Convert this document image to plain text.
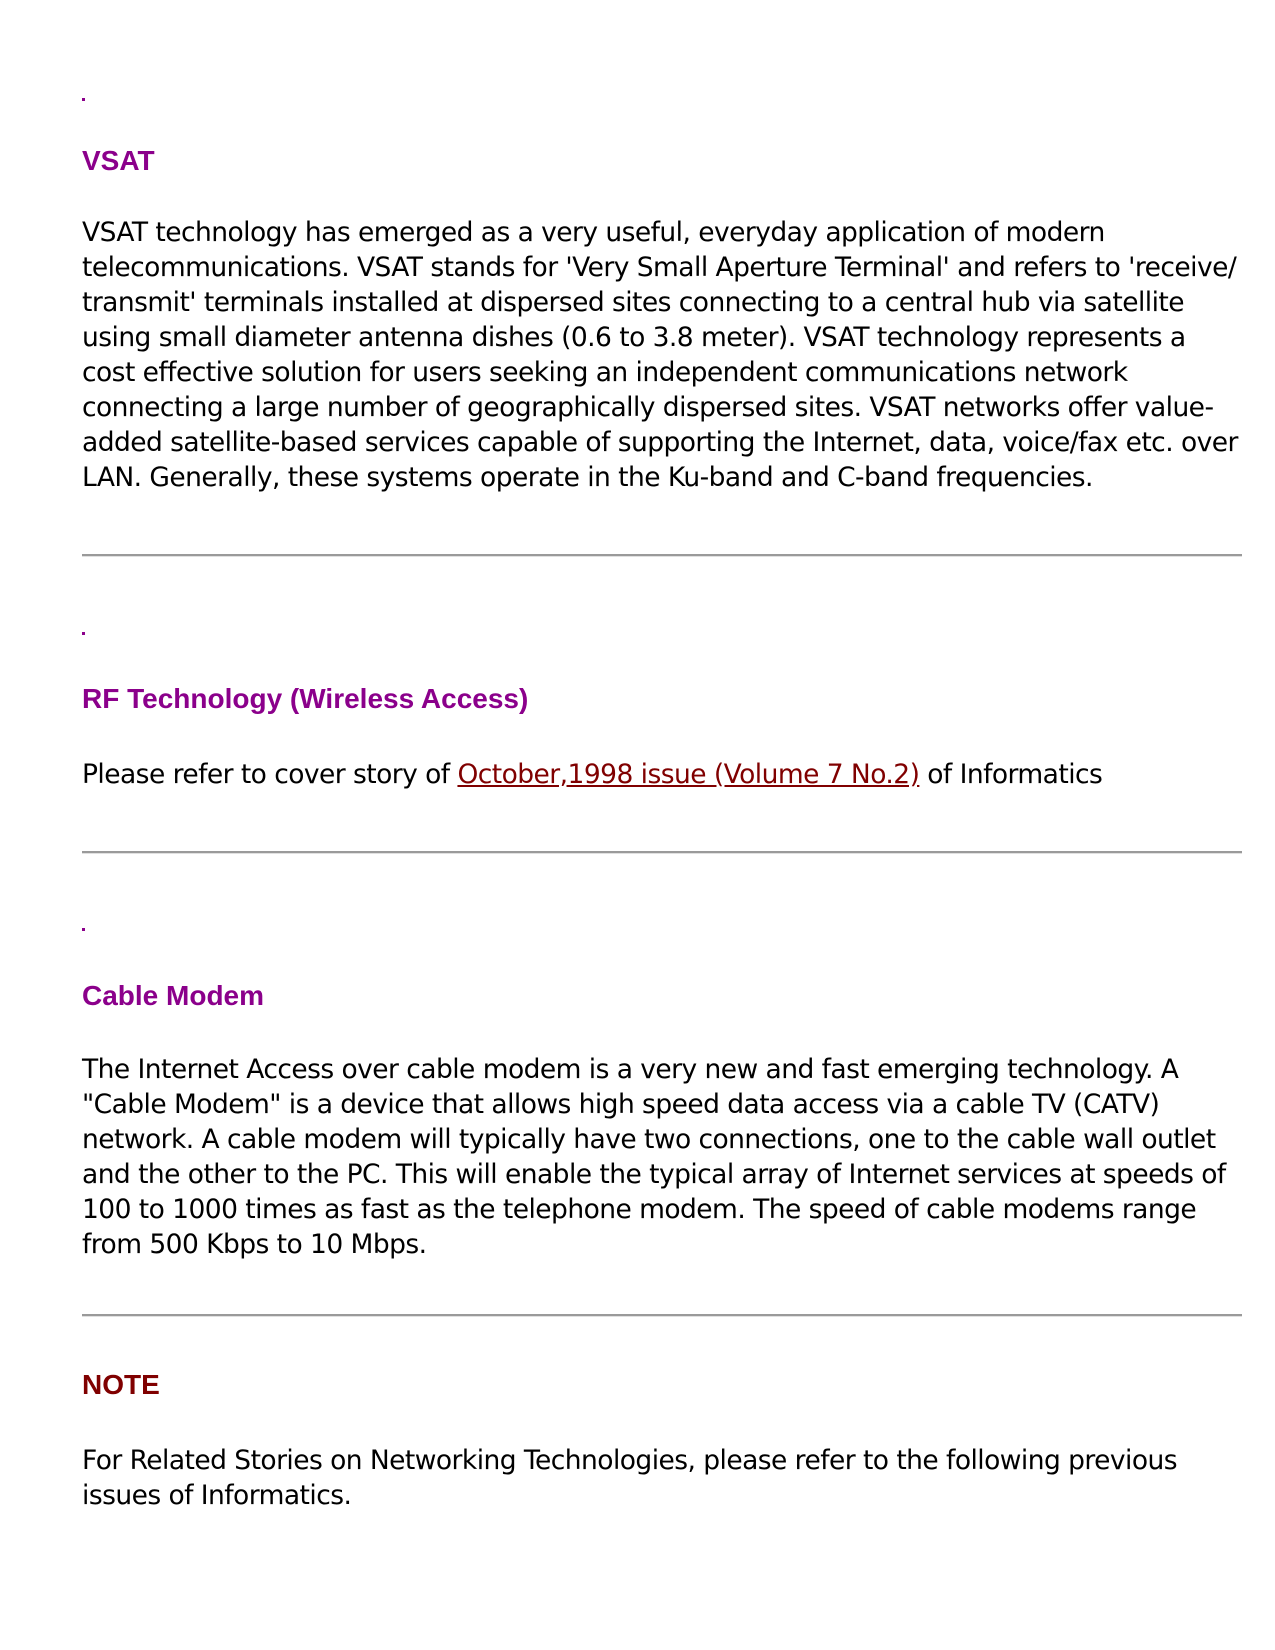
VSAT

VSAT technology has emerged as a very useful, everyday application of modern telecommunications. VSAT stands for 'Very Small Aperture Terminal' and refers to 'receive/ transmit' terminals installed at dispersed sites connecting to a central hub via satellite using small diameter antenna dishes (0.6 to 3.8 meter). VSAT technology represents a cost effective solution for users seeking an independent communications network connecting a large number of geographically dispersed sites. VSAT networks offer value-added satellite-based services capable of supporting the Internet, data, voice/fax etc. over LAN. Generally, these systems operate in the Ku-band and C-band frequencies.

RF Technology (Wireless Access)

Please refer to cover story of October,1998 issue (Volume 7 No.2) of Informatics

Cable Modem

The Internet Access over cable modem is a very new and fast emerging technology. A "Cable Modem" is a device that allows high speed data access via a cable TV (CATV) network. A cable modem will typically have two connections, one to the cable wall outlet and the other to the PC. This will enable the typical array of Internet services at speeds of 100 to 1000 times as fast as the telephone modem. The speed of cable modems range from 500 Kbps to 10 Mbps.

NOTE

For Related Stories on Networking Technologies, please refer to the following previous issues of Informatics.
